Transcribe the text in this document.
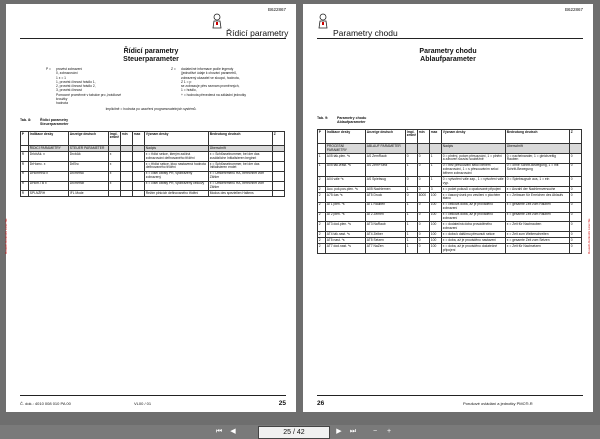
B622867
Řídicí parametry
Řídicí parametry
Steuerparameter
P = provést zobrazení
0, zobrazování
1 x = 1
1, provést činnost hrádlo 1,
2, provést činnost hrádlo 2,
3, provést činnost
Pomocné proměnné v tabulce pro „hrádkové
kroužky
hodnota
Z = dodatečné informace podle legendy
(jednotlivé údaje k chování parametrů,
zobrazený ukazatel ve sloupci, hodnota,
Z 1 = p
se zobrazuje přes seznam proměnných,
1 = hrádlo,
+ = hodnota převedená na základní jednotky
Implicitně = hodnota po uzavření programovatelných systémů.
Tab. 8: Řídicí parametry
Steuerparameter
P	Indikace desky	Anzeige deutsch	Impl. zmíně	min	max	Význam desky	Bedeutung deutsch	Z
	ŘÍDICÍ PARAMETRY	STEUER PARAMETER				Nadpis	Überschrift	
R	DrlcbAk. x	DrcbAk	x			x = řídicí sekce, kterým začíná zobrazování definovaného třídění	x = Schlüsselnummer, bei der das zusätzliche Initialisieren beginnt	
R	DrHomc. x	DrEhc	x			x = třídicí sekce, ktou nastavená hodnota definovaného třídění	x = Schlüsselnummer, bei der das Initialisieren endet	
R	DHcmHNc x	DrcmHNc	x			x = čísel obraty PR, vyobrazený zobrazený	x = Umkehrmenü HA, berechnet vom Zähler	
R	DHcm.TB x	DrcmHNb	x			x = čísel obraty PR, vyobrazený celkový	x = Umkehrmenü HA, berechnet vom Zähler	
R	SPLNŽRH	IFL Mode				Režim plnicích definovaného třídění	Modus des speziellen Haltens	
Č. dok.: 4010 008 010 PA 00	VL00 / 01	25
Rousch-Kontrolní Liner SE
B622867
Parametry chodu
Parametry chodu
Ablaufparameter
Tab. 9: Parametry chodu
Ablaufparameter
P	Indikace desky	Anzeige deutsch	Impl. zmíně	min	max	Význam desky	Bedeutung deutsch	Z
	PROCESNÍ PARAMETRY	ABLAUF PARAMETER				Nadpis	Überschrift	
1	A05 ták.plen. *s	AS ZemRaub	0	0	1	0 = plnění, potom přesouvání, 1 = plnění a zároveň souvisí souběžně	0 = nacheinander, 1 = gleichzeitig Rauben	0
1	A05 ták.vrast. *s	AS Zem+Setz	1	0	1	0 = bez přesouvání sekcí během zobrazování, 1 = s přesouváním sekcí během zobrazování	0 = ohne Schritt-Bewegung, 1 = mit Schritt-Bewegung	0
2	A04 vále *s	AS Spiebsug	0	0	1	0 = vytvoření vále zap., 1 = vytvoření vále vyp.	0 = Spiebsugsch aus, 1 = ein	0
2	Aco. pok.pos.plen. *s	A05 Nachlernen	1	0	3	x = počet pokusů o opakované připojení	x = Anzahl der Nachlernversuche	0
2	A75 čas *s	AT5 Druck	0	8000	100	x = časový úsek pro zesílení v plochém stavu	x = Zeitraum für Erreichen des Ablaufs	0
2	AT1 plen. *s	AT1 Rauben	1	0	100	x = celková doba, až je prováděno zobrazení	x = gesamte Zeit zum Rauben	0
2	AT2 plen. *s	AT2 Zemen	1	0	100	x = celková doba, až je prováděno zobrazení	x = gesamte Zeit zum Rauben	0
2	AT3 dod.plen. *s	AT3 NaRaub	1	0	100	x = dodatečná doba prováděného zobrazení	x = Zeit für Nachrauben	0
2	AT4 ták.nast. *s	AT4 Zeiber	1	0	100	x = doba k dalšímu přesunutí sekce	x = Zeit zum Weiterschreiten	0
2	AT5 nast. *s	AT5 Setzen	1	0	100	x = doba, až je prováděno nastavení	x = gesamte Zeit zum Setzen	0
2	AT7 dod.nast. *s	AT7 NaZen	1	0	100	x = doba, až je prováděno dodatečné připojení	x = Zeit für Nachsetzen	0
26	Porušové ovládání a jednotky PMC®-R
Rousch-Kontrolní Liner SE
⏮	◀	25 / 42	▶	⏭	−	+
